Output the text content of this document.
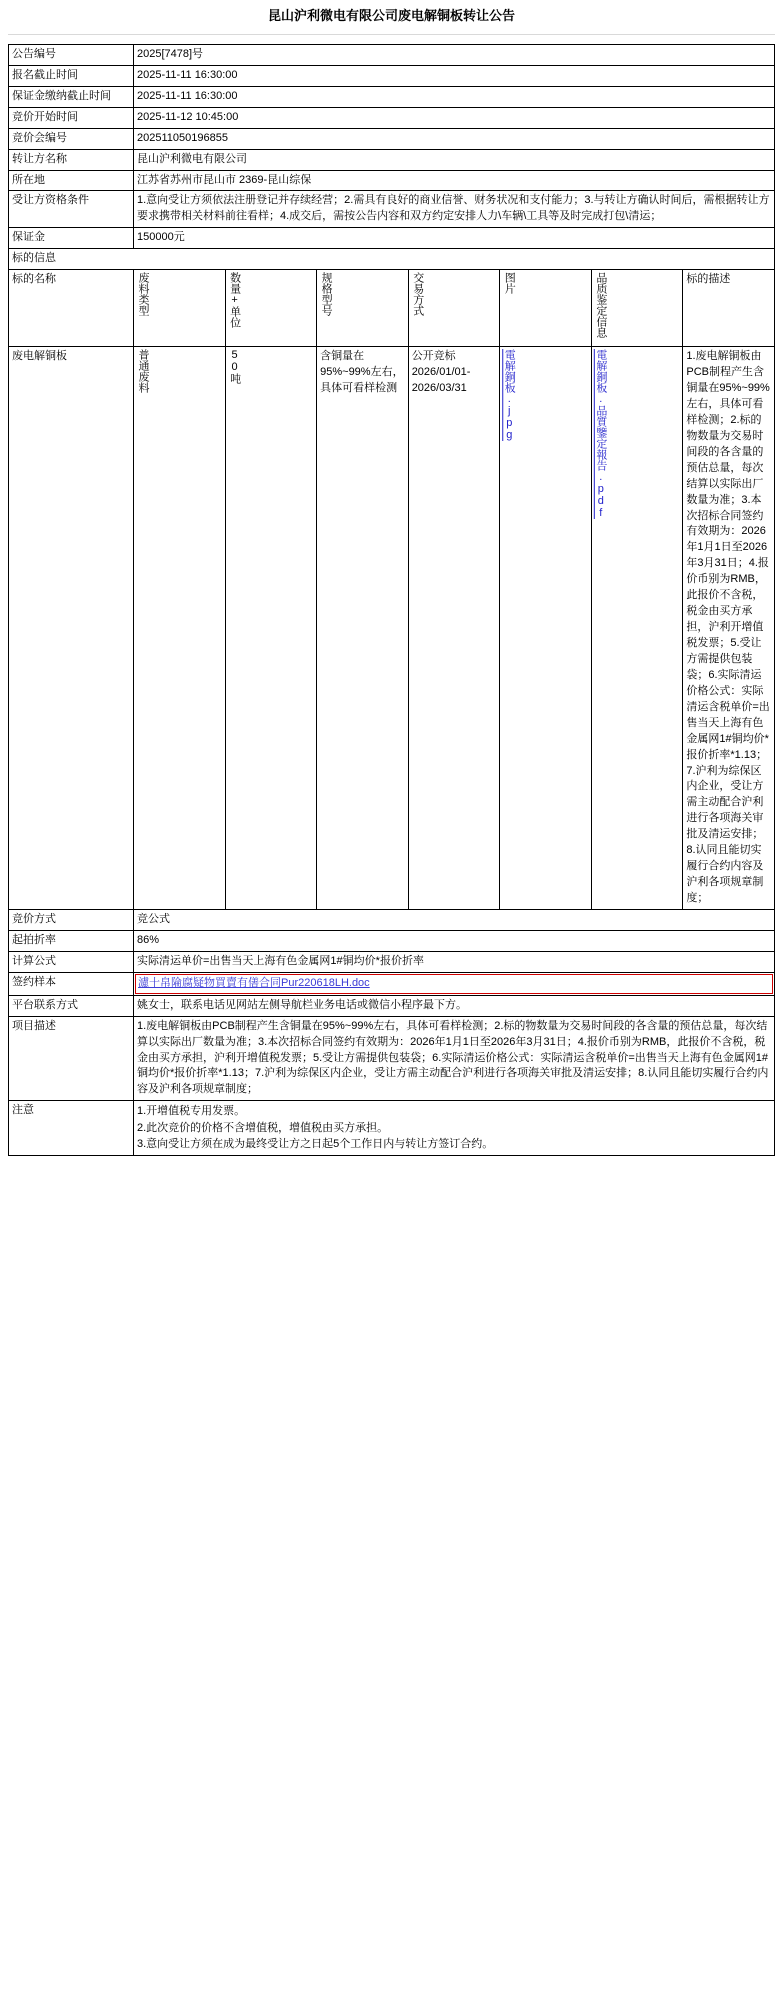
昆山沪利微电有限公司废电解铜板转让公告
公告编号	2025[7478]号						
报名截止时间	2025-11-11 16:30:00						
保证金缴纳截止时间	2025-11-11 16:30:00						
竞价开始时间	2025-11-12 10:45:00						
竞价会编号	202511050196855						
转让方名称	昆山沪利微电有限公司						
所在地	江苏省苏州市昆山市 2369-昆山综保						
受让方资格条件	1.意向受让方须依法注册登记并存续经营；2.需具有良好的商业信誉、财务状况和支付能力；3.与转让方确认时间后，需根据转让方要求携带相关材料前往看样；4.成交后，需按公告内容和双方约定安排人力\车辆\工具等及时完成打包\清运；						
保证金	150000元						
标的信息							
标的名称	废料类型	数量+单位	规格型号	交易方式	图片	品质鉴定信息	标的描述
废电解铜板	普通废料	50吨	含铜量在95%~99%左右，具体可看样检测	公开竞标2026/01/01-2026/03/31	電解銅板.jpg	電解銅板.品質鑒定報告.pdf	1.废电解铜板由PCB制程产生含铜量在95%~99%左右，具体可看样检测；2.标的物数量为交易时间段的各含量的预估总量，每次结算以实际出厂数量为准；3.本次招标合同签约有效期为：2026年1月1日至2026年3月31日；4.报价币别为RMB，此报价不含税，税金由买方承担，沪利开增值税发票；5.受让方需提供包装袋；6.实际清运价格公式：实际清运含税单价=出售当天上海有色金属网1#铜均价*报价折率*1.13；7.沪利为综保区内企业，受让方需主动配合沪利进行各项海关审批及清运安排；8.认同且能切实履行合约内容及沪利各项规章制度；
竞价方式	竞公式						
起拍折率	86%						
计算公式	实际清运单价=出售当天上海有色金属网1#铜均价*报价折率						
签约样本	濾十帛陯腐疑物買賣有僐合同Pur220618LH.doc						

平台联系方式	姚女士，联系电话见网站左侧导航栏业务电话或微信小程序最下方。						
项目描述	1.废电解铜板由PCB制程产生含铜量在95%~99%左右，具体可看样检测；2.标的物数量为交易时间段的各含量的预估总量，每次结算以实际出厂数量为准；3.本次招标合同签约有效期为：2026年1月1日至2026年3月31日；4.报价币别为RMB，此报价不含税，税金由买方承担，沪利开增值税发票；5.受让方需提供包装袋；6.实际清运价格公式：实际清运含税单价=出售当天上海有色金属网1#铜均价*报价折率*1.13；7.沪利为综保区内企业，受让方需主动配合沪利进行各项海关审批及清运安排；8.认同且能切实履行合约内容及沪利各项规章制度；						
注意	1.开增值税专用发票。
2.此次竞价的价格不含增值税，增值税由买方承担。
3.意向受让方须在成为最终受让方之日起5个工作日内与转让方签订合约。						
